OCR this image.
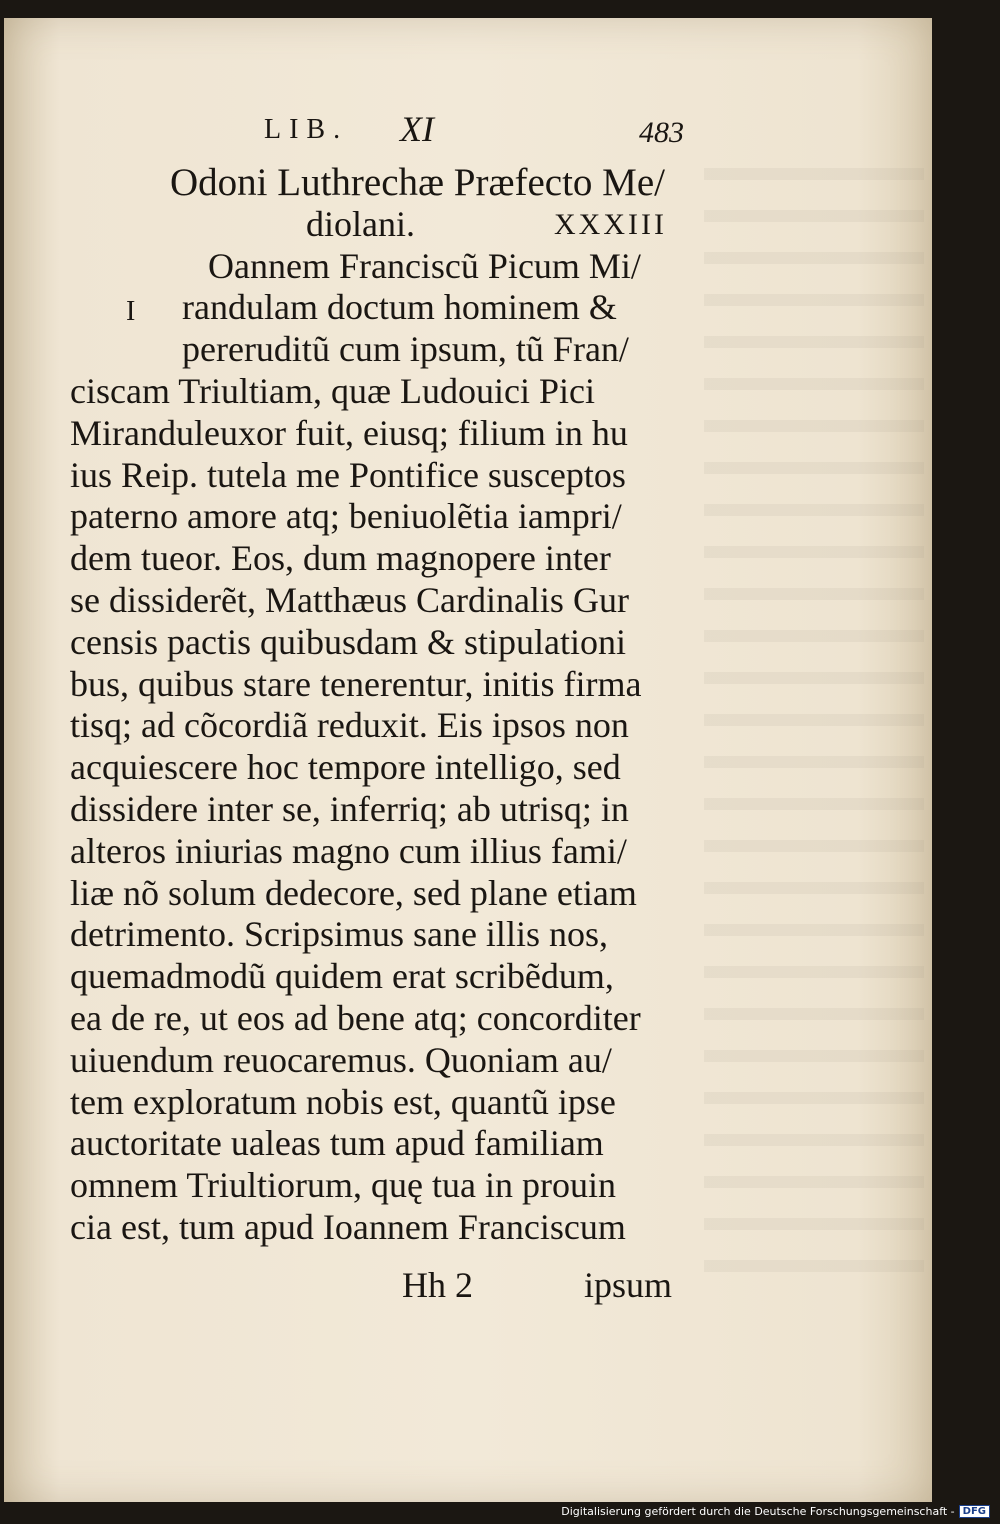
LIB. XI	483
Odoni Luthrechæ Præfecto Me/
diolani.	XXXIII
Oannem Franciscũ Picum Mi/
I randulam doctum hominem &
pereruditũ cum ipsum, tũ Fran/
ciscam Triultiam, quæ Ludouici Pici
Miranduleuxor fuit, eiusq; filium in hu
ius Reip. tutela me Pontifice susceptos
paterno amore atq; beniuolẽtia iampri/
dem tueor. Eos, dum magnopere inter
se dissiderẽt, Matthæus Cardinalis Gur
censis pactis quibusdam & stipulationi
bus, quibus stare tenerentur, initis firma
tisq; ad cõcordiã reduxit. Eis ipsos non
acquiescere hoc tempore intelligo, sed
dissidere inter se, inferriq; ab utrisq; in
alteros iniurias magno cum illius fami/
liæ nõ solum dedecore, sed plane etiam
detrimento. Scripsimus sane illis nos,
quemadmodũ quidem erat scribẽdum,
ea de re, ut eos ad bene atq; concorditer
uiuendum reuocaremus. Quoniam au/
tem exploratum nobis est, quantũ ipse
auctoritate ualeas tum apud familiam
omnem Triultiorum, quę tua in prouin
cia est, tum apud Ioannem Franciscum
Hh 2	ipsum
Digitalisierung gefördert durch die Deutsche Forschungsgemeinschaft - DFG
